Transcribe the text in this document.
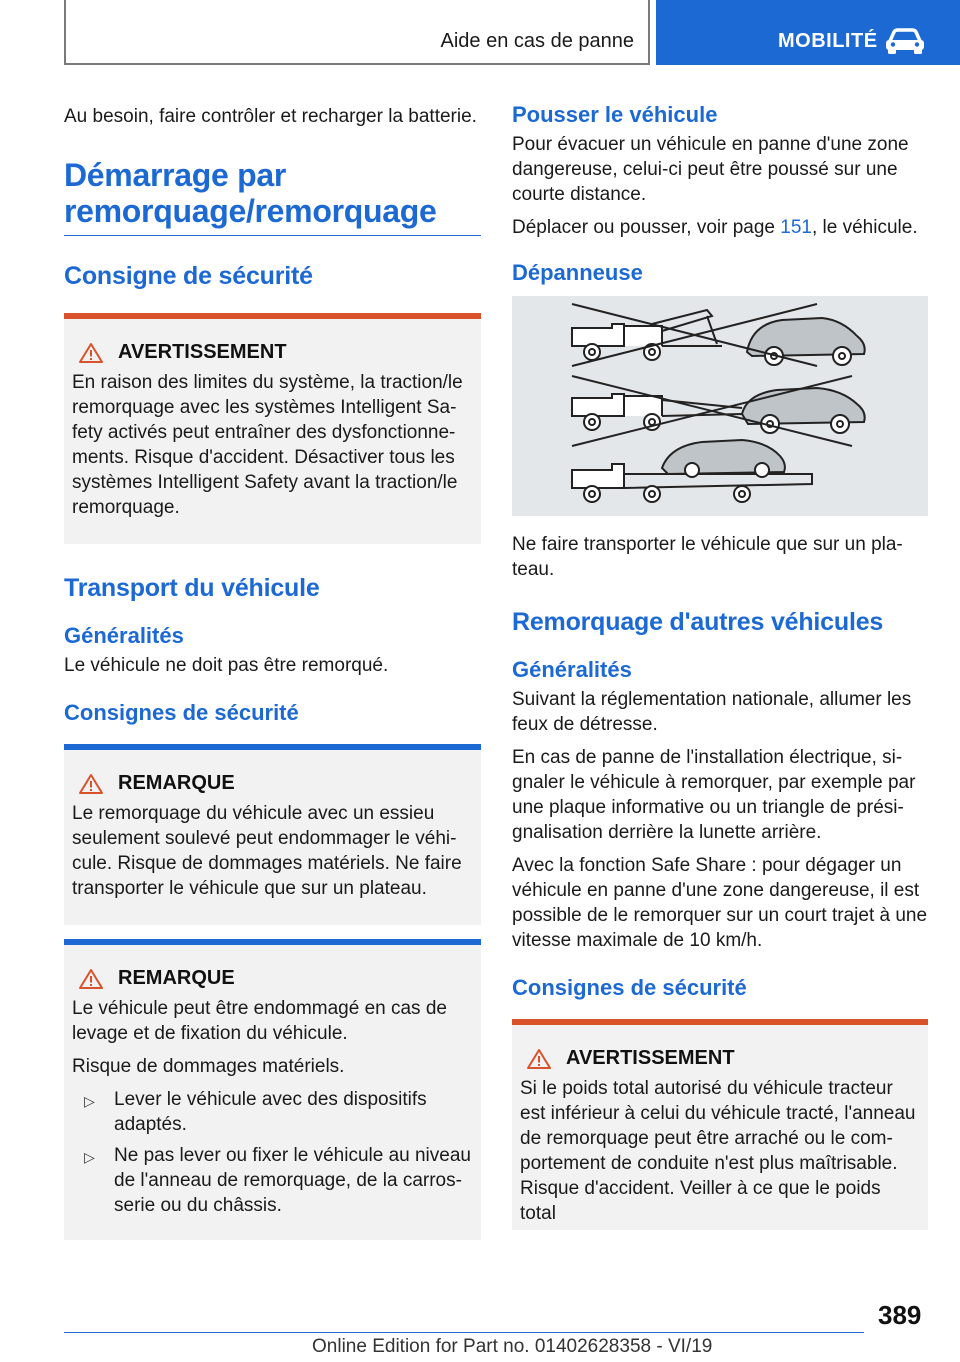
Aide en cas de panne	MOBILITÉ

Au besoin, faire contrôler et recharger la batterie.

Démarrage par remorquage/remorquage
Consigne de sécurité
AVERTISSEMENT

En raison des limites du système, la traction/le remorquage avec les systèmes Intelligent Sa-fety activés peut entraîner des dysfonctionne-ments. Risque d'accident. Désactiver tous les systèmes Intelligent Safety avant la traction/le remorquage.

Transport du véhicule
Généralités

Le véhicule ne doit pas être remorqué.

Consignes de sécurité
REMARQUE

Le remorquage du véhicule avec un essieu seulement soulevé peut endommager le véhi-cule. Risque de dommages matériels. Ne faire transporter le véhicule que sur un plateau.

REMARQUE

Le véhicule peut être endommagé en cas de levage et de fixation du véhicule.

Risque de dommages matériels.

▷	Lever le véhicule avec des dispositifs adaptés.
▷	Ne pas lever ou fixer le véhicule au niveau de l'anneau de remorquage, de la carros-serie ou du châssis.
Pousser le véhicule

Pour évacuer un véhicule en panne d'une zone dangereuse, celui-ci peut être poussé sur une courte distance.

Déplacer ou pousser, voir page 151, le véhicule.

Dépanneuse

Ne faire transporter le véhicule que sur un pla-teau.

Remorquage d'autres véhicules
Généralités

Suivant la réglementation nationale, allumer les feux de détresse.

En cas de panne de l'installation électrique, si-gnaler le véhicule à remorquer, par exemple par une plaque informative ou un triangle de prési-gnalisation derrière la lunette arrière.

Avec la fonction Safe Share : pour dégager un véhicule en panne d'une zone dangereuse, il est possible de le remorquer sur un court trajet à une vitesse maximale de 10 km/h.

Consignes de sécurité
AVERTISSEMENT

Si le poids total autorisé du véhicule tracteur est inférieur à celui du véhicule tracté, l'anneau de remorquage peut être arraché ou le com-portement de conduite n'est plus maîtrisable. Risque d'accident. Veiller à ce que le poids total

389
Online Edition for Part no. 01402628358 - VI/19
